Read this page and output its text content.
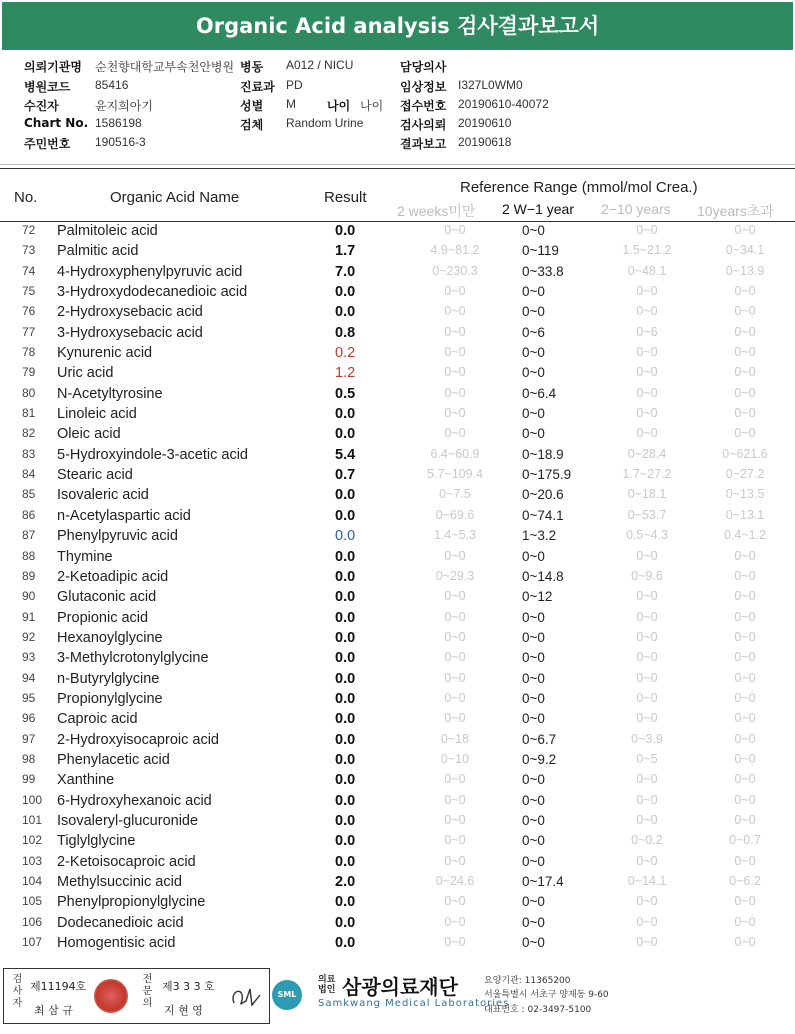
Organic Acid analysis 검사결과보고서
의뢰기관명 순천향대학교부속천안병원
병원코드 85416
수진자	윤지희아기
Chart No. 1586198
주민번호 190516-3
병동 A012 / NICU
진료과 PD
성별 M	나이 나이
검체 Random Urine
담당의사
임상정보 I327L0WM0
접수번호 20190610-40072
검사의뢰 20190610
결과보고 20190618
No.	Organic Acid Name	Result
Reference Range (mmol/mol Crea.)
2 weeks미만 2 W−1 year 2−10 years 10years초과
72 Palmitoleic acid	0.0	0~0	0~0	0~0	0~0
73 Palmitic acid	1.7	4.9~81.2	0~119	1.5~21.2	0~34.1
74 4-Hydroxyphenylpyruvic acid	7.0	0~230.3	0~33.8	0~48.1	0~13.9
75 3-Hydroxydodecanedioic acid	0.0	0~0	0~0	0~0	0~0
76 2-Hydroxysebacic acid	0.0	0~0	0~0	0~0	0~0
77 3-Hydroxysebacic acid	0.8	0~0	0~6	0~6	0~0
78 Kynurenic acid	0.2	0~0	0~0	0~0	0~0
79 Uric acid	1.2	0~0	0~0	0~0	0~0
80 N-Acetyltyrosine	0.5	0~0	0~6.4	0~0	0~0
81 Linoleic acid	0.0	0~0	0~0	0~0	0~0
82 Oleic acid	0.0	0~0	0~0	0~0	0~0
83 5-Hydroxyindole-3-acetic acid	5.4	6.4~60.9	0~18.9	0~28.4	0~621.6
84 Stearic acid	0.7	5.7~109.4	0~175.9	1.7~27.2	0~27.2
85 Isovaleric acid	0.0	0~7.5	0~20.6	0~18.1	0~13.5
86 n-Acetylaspartic acid	0.0	0~69.6	0~74.1	0~53.7	0~13.1
87 Phenylpyruvic acid	0.0	1.4~5.3	1~3.2	0.5~4.3	0.4~1.2
88 Thymine	0.0	0~0	0~0	0~0	0~0
89 2-Ketoadipic acid	0.0	0~29.3	0~14.8	0~9.6	0~0
90 Glutaconic acid	0.0	0~0	0~12	0~0	0~0
91 Propionic acid	0.0	0~0	0~0	0~0	0~0
92 Hexanoylglycine	0.0	0~0	0~0	0~0	0~0
93 3-Methylcrotonylglycine	0.0	0~0	0~0	0~0	0~0
94 n-Butyrylglycine	0.0	0~0	0~0	0~0	0~0
95 Propionylglycine	0.0	0~0	0~0	0~0	0~0
96 Caproic acid	0.0	0~0	0~0	0~0	0~0
97 2-Hydroxyisocaproic acid	0.0	0~18	0~6.7	0~3.9	0~0
98 Phenylacetic acid	0.0	0~10	0~9.2	0~5	0~0
99 Xanthine	0.0	0~0	0~0	0~0	0~0
100 6-Hydroxyhexanoic acid	0.0	0~0	0~0	0~0	0~0
101 Isovaleryl-glucuronide	0.0	0~0	0~0	0~0	0~0
102 Tiglylglycine	0.0	0~0	0~0	0~0.2	0~0.7
103 2-Ketoisocaproic acid	0.0	0~0	0~0	0~0	0~0
104 Methylsuccinic acid	2.0	0~24.6	0~17.4	0~14.1	0~6.2
105 Phenylpropionylglycine	0.0	0~0	0~0	0~0	0~0
106 Dodecanedioic acid	0.0	0~0	0~0	0~0	0~0
107 Homogentisic acid	0.0	0~0	0~0	0~0	0~0
검사자 제11194호
최 삼 규
전문의 제3 3 3 호
지 현 영
SML
의료법인 삼광의료재단
Samkwang Medical Laboratories
요양기관: 11365200
서울특별시 서초구 양재동 9-60
대표번호 : 02-3497-5100
